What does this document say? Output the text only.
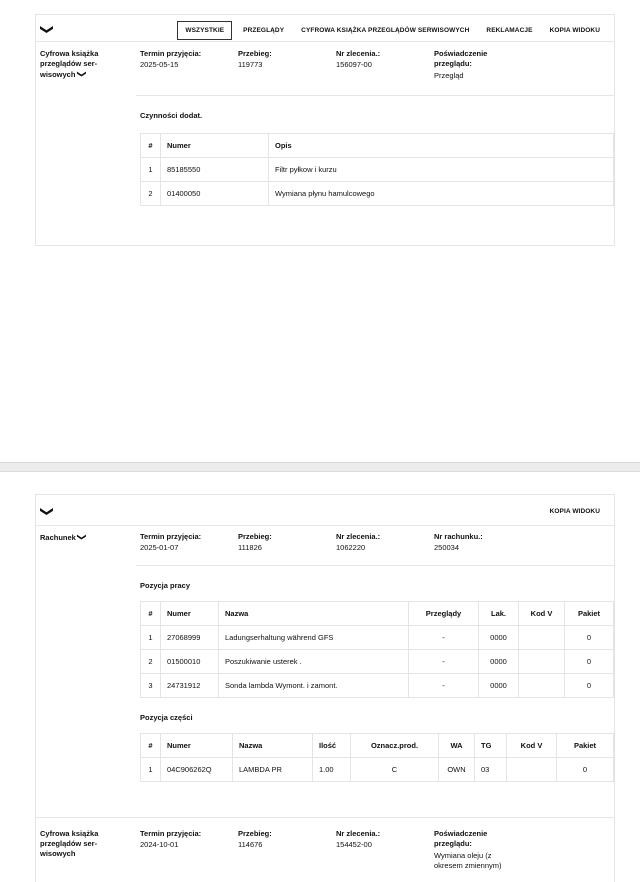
❯	WSZYSTKIE	PRZEGLĄDY	CYFROWA KSIĄŻKA PRZEGLĄDÓW SERWISOWYCH	REKLAMACJE	KOPIA WIDOKU
Cyfrowa książka
przeglądów ser-
wisowych ❯
Termin przyjęcia:
2025-05-15
Przebieg:
119773
Nr zlecenia.:
156097-00
Poświadczenie przeglądu:
Przegląd
Czynności dodat.
#	Numer	Opis
1	85185550	Filtr pyłkow i kurzu
2	01400050	Wymiana płynu hamulcowego
❯	KOPIA WIDOKU
Rachunek ❯	Termin przyjęcia:
2025-01-07
Przebieg:
111826
Nr zlecenia.:
1062220
Nr rachunku.:
250034
Pozycja pracy
#	Numer	Nazwa	Przeglądy	Lak.	Kod V	Pakiet
1	27068999	Ladungserhaltung während GFS	-	0000		0
2	01500010	Poszukiwanie usterek .	-	0000		0
3	24731912	Sonda lambda Wymont. i zamont.	-	0000		0
Pozycja części
#	Numer	Nazwa	Ilość	Oznacz.prod.	WA	TG	Kod V	Pakiet
1	04C906262Q	LAMBDA PR	1.00	C	OWN	03		0
Cyfrowa książka
przeglądów ser-
wisowych
Termin przyjęcia:
2024-10-01
Przebieg:
114676
Nr zlecenia.:
154452-00
Poświadczenie przeglądu:
Wymiana oleju (z okresem zmiennym)
